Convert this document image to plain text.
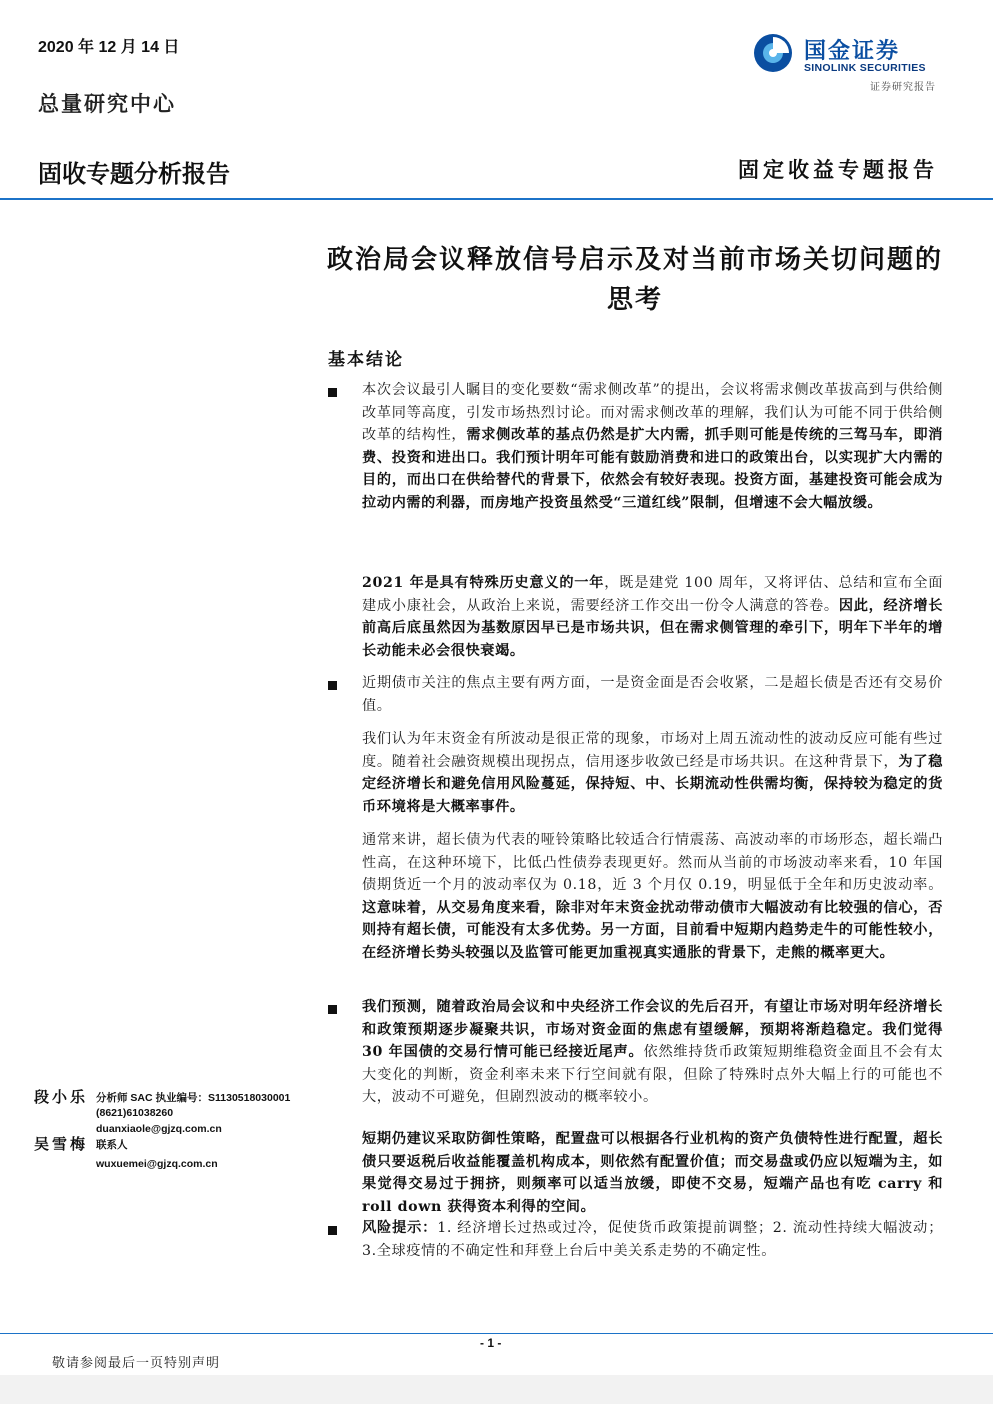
2020 年 12 月 14 日
总量研究中心
国金证券
SINOLINK SECURITIES
证券研究报告
固收专题分析报告	固定收益专题报告
政治局会议释放信号启示及对当前市场关切问题的思考
基本结论
本次会议最引人瞩目的变化要数“需求侧改革”的提出，会议将需求侧改革拔高到与供给侧改革同等高度，引发市场热烈讨论。而对需求侧改革的理解，我们认为可能不同于供给侧改革的结构性，需求侧改革的基点仍然是扩大内需，抓手则可能是传统的三驾马车，即消费、投资和进出口。我们预计明年可能有鼓励消费和进口的政策出台，以实现扩大内需的目的，而出口在供给替代的背景下，依然会有较好表现。投资方面，基建投资可能会成为拉动内需的利器，而房地产投资虽然受“三道红线”限制，但增速不会大幅放缓。
2021 年是具有特殊历史意义的一年，既是建党 100 周年，又将评估、总结和宣布全面建成小康社会，从政治上来说，需要经济工作交出一份令人满意的答卷。因此，经济增长前高后底虽然因为基数原因早已是市场共识，但在需求侧管理的牵引下，明年下半年的增长动能未必会很快衰竭。
近期债市关注的焦点主要有两方面，一是资金面是否会收紧，二是超长债是否还有交易价值。
我们认为年末资金有所波动是很正常的现象，市场对上周五流动性的波动反应可能有些过度。随着社会融资规模出现拐点，信用逐步收敛已经是市场共识。在这种背景下，为了稳定经济增长和避免信用风险蔓延，保持短、中、长期流动性供需均衡，保持较为稳定的货币环境将是大概率事件。
通常来讲，超长债为代表的哑铃策略比较适合行情震荡、高波动率的市场形态，超长端凸性高，在这种环境下，比低凸性债券表现更好。然而从当前的市场波动率来看，10 年国债期货近一个月的波动率仅为 0.18，近 3 个月仅 0.19，明显低于全年和历史波动率。这意味着，从交易角度来看，除非对年末资金扰动带动债市大幅波动有比较强的信心，否则持有超长债，可能没有太多优势。另一方面，目前看中短期内趋势走牛的可能性较小，在经济增长势头较强以及监管可能更加重视真实通胀的背景下，走熊的概率更大。
我们预测，随着政治局会议和中央经济工作会议的先后召开，有望让市场对明年经济增长和政策预期逐步凝聚共识，市场对资金面的焦虑有望缓解，预期将渐趋稳定。我们觉得 30 年国债的交易行情可能已经接近尾声。依然维持货币政策短期维稳资金面且不会有太大变化的判断，资金利率未来下行空间就有限，但除了特殊时点外大幅上行的可能也不大，波动不可避免，但剧烈波动的概率较小。
短期仍建议采取防御性策略，配置盘可以根据各行业机构的资产负债特性进行配置，超长债只要返税后收益能覆盖机构成本，则依然有配置价值；而交易盘或仍应以短端为主，如果觉得交易过于拥挤，则频率可以适当放缓，即使不交易，短端产品也有吃 carry 和 roll down 获得资本利得的空间。
风险提示：1. 经济增长过热或过冷，促使货币政策提前调整；2. 流动性持续大幅波动；3.全球疫情的不确定性和拜登上台后中美关系走势的不确定性。
段小乐 分析师 SAC 执业编号：S1130518030001
(8621)61038260
duanxiaole@gjzq.com.cn
吴雪梅 联系人
wuxuemei@gjzq.com.cn
- 1 -
敬请参阅最后一页特别声明
